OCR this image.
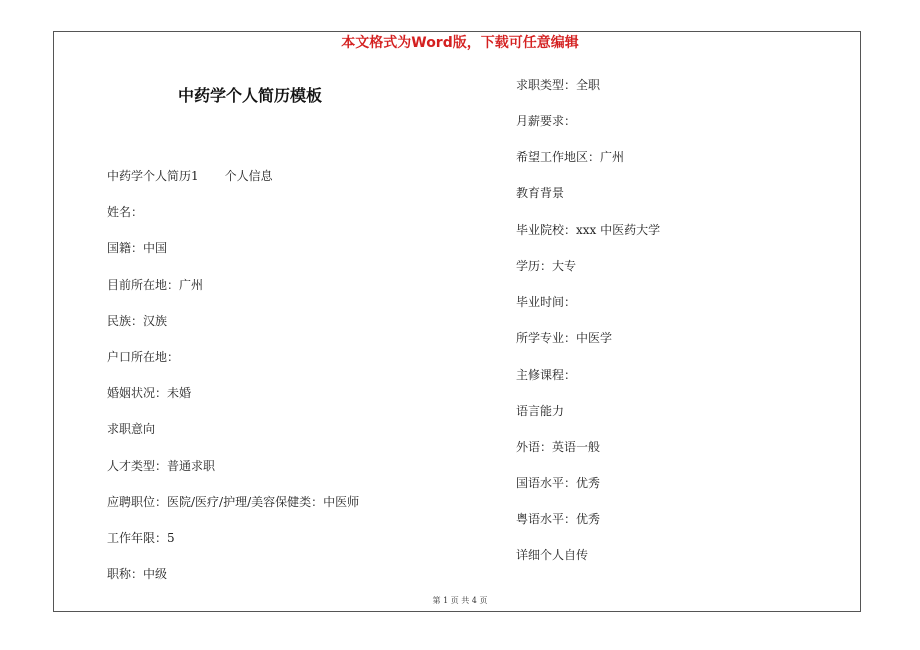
本文格式为Word版，下载可任意编辑
中药学个人简历模板
中药学个人简历1 个人信息
姓名：
国籍：中国
目前所在地：广州
民族：汉族
户口所在地：
婚姻状况：未婚
求职意向
人才类型：普通求职
应聘职位：医院/医疗/护理/美容保健类：中医师
工作年限：5
职称：中级
求职类型：全职
月薪要求：
希望工作地区：广州
教育背景
毕业院校：xxx 中医药大学
学历：大专
毕业时间：
所学专业：中医学
主修课程：
语言能力
外语：英语一般
国语水平：优秀
粤语水平：优秀
详细个人自传
第 1 页 共 4 页
